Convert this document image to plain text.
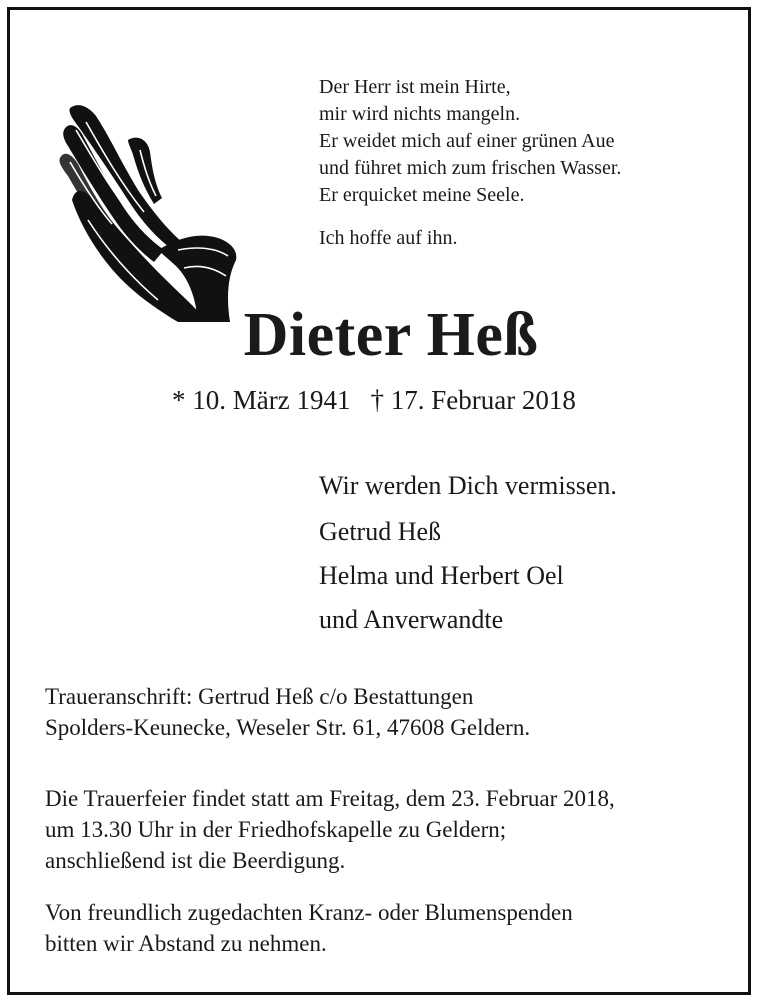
Der Herr ist mein Hirte,
mir wird nichts mangeln.
Er weidet mich auf einer grünen Aue
und führet mich zum frischen Wasser.
Er erquicket meine Seele.
Ich hoffe auf ihn.
Dieter Heß
* 10. März 1941 † 17. Februar 2018
Wir werden Dich vermissen.
Getrud Heß
Helma und Herbert Oel
und Anverwandte
Traueranschrift: Gertrud Heß c/o Bestattungen
Spolders-Keunecke, Weseler Str. 61, 47608 Geldern.
Die Trauerfeier findet statt am Freitag, dem 23. Februar 2018,
um 13.30 Uhr in der Friedhofskapelle zu Geldern;
anschließend ist die Beerdigung.
Von freundlich zugedachten Kranz- oder Blumenspenden
bitten wir Abstand zu nehmen.
